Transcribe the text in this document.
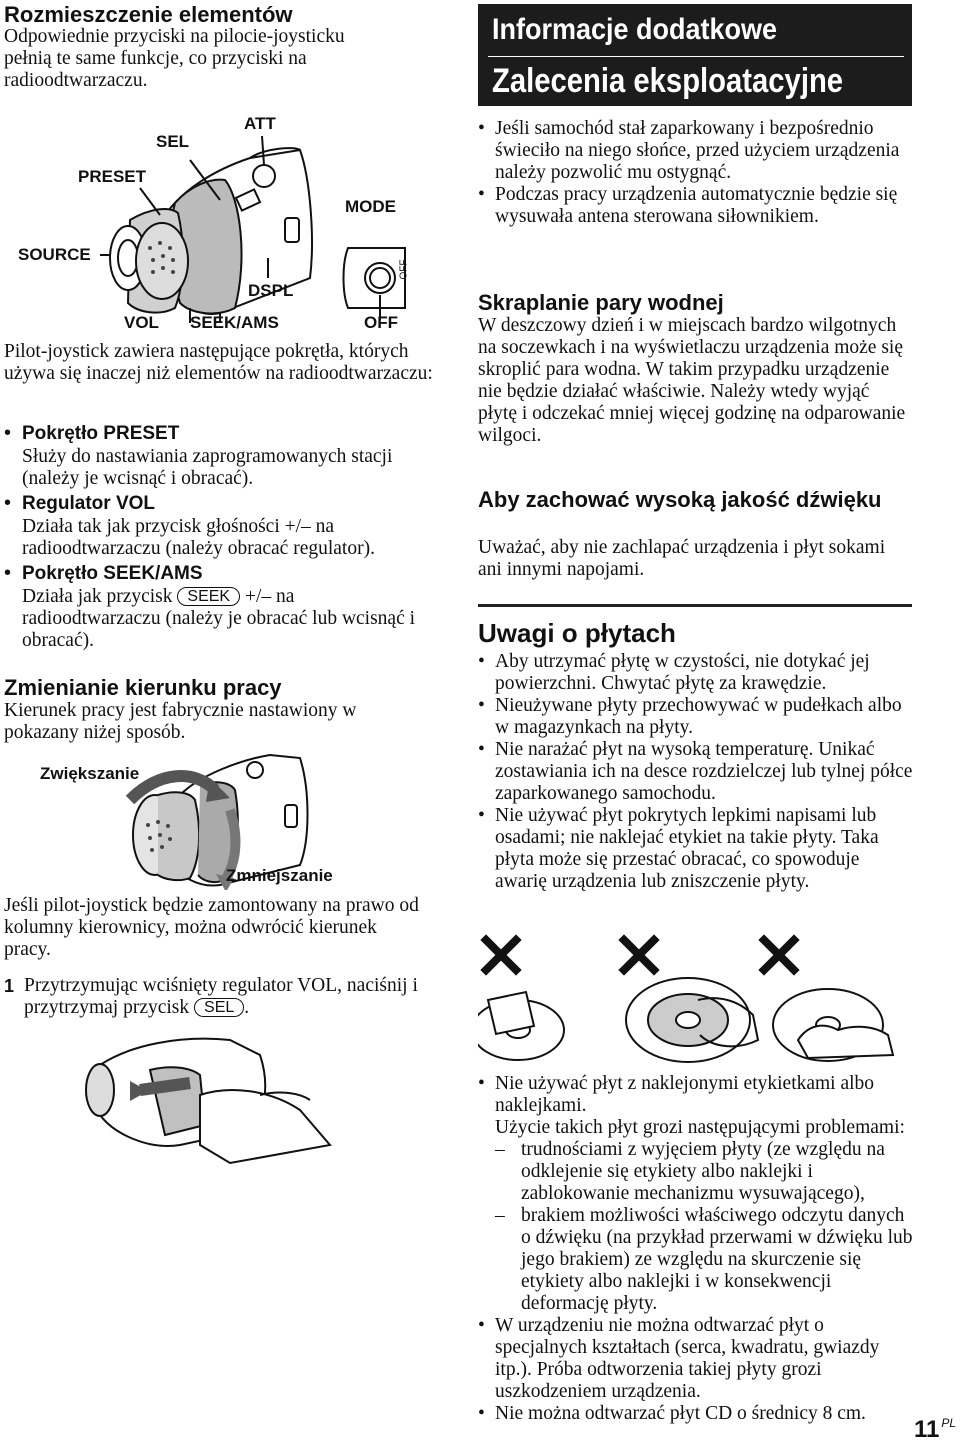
Rozmieszczenie elementów
Odpowiednie przyciski na pilocie-joysticku pełnią te same funkcje, co przyciski na radioodtwarzaczu.
ATT
SEL
PRESET
MODE
SOURCE
DSPL
VOL SEEK/AMS	OFF
OFF
Pilot-joystick zawiera następujące pokrętła, których używa się inaczej niż elementów na radioodtwarzaczu:
• Pokrętło PRESET
Służy do nastawiania zaprogramowanych stacji (należy je wcisnąć i obracać).
• Regulator VOL
Działa tak jak przycisk głośności +/– na radioodtwarzaczu (należy obracać regulator).
• Pokrętło SEEK/AMS
Działa jak przycisk SEEK +/– na
radioodtwarzaczu (należy je obracać lub wcisnąć i obracać).
Zmienianie kierunku pracy
Kierunek pracy jest fabrycznie nastawiony w pokazany niżej sposób.
Zwiększanie
Zmniejszanie
Jeśli pilot-joystick będzie zamontowany na prawo od kolumny kierownicy, można odwrócić kierunek pracy.
1 Przytrzymując wciśnięty regulator VOL, naciśnij i przytrzymaj przycisk SEL .
Informacje dodatkowe
Zalecenia eksploatacyjne
• Jeśli samochód stał zaparkowany i bezpośrednio świeciło na niego słońce, przed użyciem urządzenia należy pozwolić mu ostygnąć.
• Podczas pracy urządzenia automatycznie będzie się wysuwała antena sterowana siłownikiem.
Skraplanie pary wodnej
W deszczowy dzień i w miejscach bardzo wilgotnych na soczewkach i na wyświetlaczu urządzenia może się skroplić para wodna. W takim przypadku urządzenie nie będzie działać właściwie. Należy wtedy wyjąć płytę i odczekać mniej więcej godzinę na odparowanie wilgoci.
Aby zachować wysoką jakość dźwięku
Uważać, aby nie zachlapać urządzenia i płyt sokami ani innymi napojami.
Uwagi o płytach
• Aby utrzymać płytę w czystości, nie dotykać jej powierzchni. Chwytać płytę za krawędzie.
• Nieużywane płyty przechowywać w pudełkach albo w magazynkach na płyty.
• Nie narażać płyt na wysoką temperaturę. Unikać zostawiania ich na desce rozdzielczej lub tylnej półce zaparkowanego samochodu.
• Nie używać płyt pokrytych lepkimi napisami lub osadami; nie naklejać etykiet na takie płyty. Taka płyta może się przestać obracać, co spowoduje awarię urządzenia lub zniszczenie płyty.
• Nie używać płyt z naklejonymi etykietkami albo naklejkami.
Użycie takich płyt grozi następującymi problemami:
– trudnościami z wyjęciem płyty (ze względu na odklejenie się etykiety albo naklejki i zablokowanie mechanizmu wysuwającego),
– brakiem możliwości właściwego odczytu danych o dźwięku (na przykład przerwami w dźwięku lub jego brakiem) ze względu na skurczenie się etykiety albo naklejki i w konsekwencji deformację płyty.
• W urządzeniu nie można odtwarzać płyt o specjalnych kształtach (serca, kwadratu, gwiazdy itp.). Próba odtworzenia takiej płyty grozi uszkodzeniem urządzenia.
• Nie można odtwarzać płyt CD o średnicy 8 cm.
11 $^{PL}$
